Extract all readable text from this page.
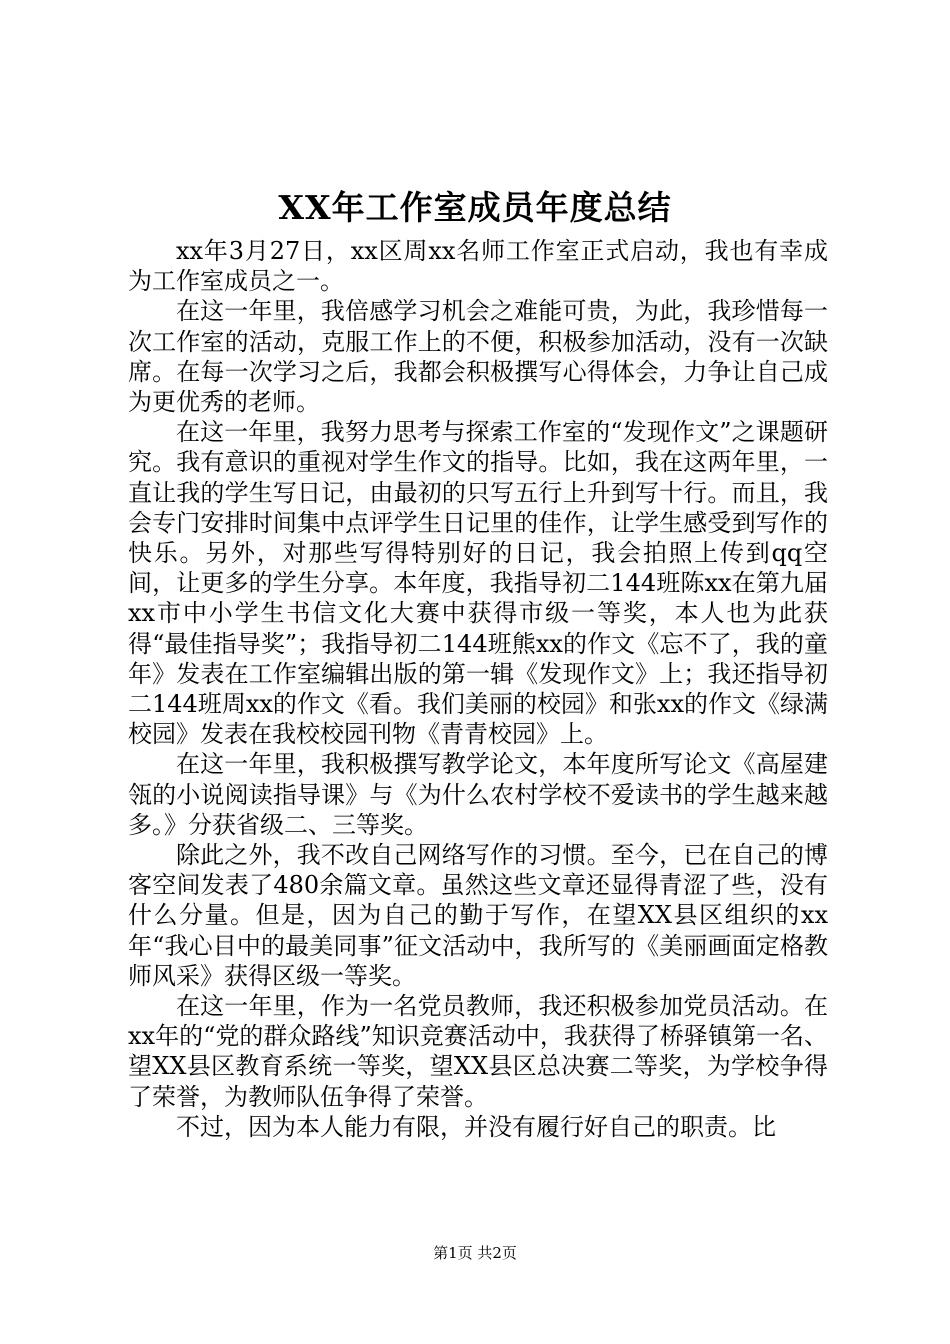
XX年工作室成员年度总结

xx年3月27日，xx区周xx名师工作室正式启动，我也有幸成为工作室成员之一。

在这一年里，我倍感学习机会之难能可贵，为此，我珍惜每一次工作室的活动，克服工作上的不便，积极参加活动，没有一次缺席。在每一次学习之后，我都会积极撰写心得体会，力争让自己成为更优秀的老师。

在这一年里，我努力思考与探索工作室的“发现作文”之课题研究。我有意识的重视对学生作文的指导。比如，我在这两年里，一直让我的学生写日记，由最初的只写五行上升到写十行。而且，我会专门安排时间集中点评学生日记里的佳作，让学生感受到写作的快乐。另外，对那些写得特别好的日记，我会拍照上传到qq空间，让更多的学生分享。本年度，我指导初二144班陈xx在第九届xx市中小学生书信文化大赛中获得市级一等奖，本人也为此获得“最佳指导奖”；我指导初二144班熊xx的作文《忘不了，我的童年》发表在工作室编辑出版的第一辑《发现作文》上；我还指导初二144班周xx的作文《看。我们美丽的校园》和张xx的作文《绿满校园》发表在我校校园刊物《青青校园》上。

在这一年里，我积极撰写教学论文，本年度所写论文《高屋建瓴的小说阅读指导课》与《为什么农村学校不爱读书的学生越来越多。》分获省级二、三等奖。

除此之外，我不改自己网络写作的习惯。至今，已在自己的博客空间发表了480余篇文章。虽然这些文章还显得青涩了些，没有什么分量。但是，因为自己的勤于写作，在望XX县区组织的xx年“我心目中的最美同事”征文活动中，我所写的《美丽画面定格教师风采》获得区级一等奖。

在这一年里，作为一名党员教师，我还积极参加党员活动。在xx年的“党的群众路线”知识竞赛活动中，我获得了桥驿镇第一名、望XX县区教育系统一等奖，望XX县区总决赛二等奖，为学校争得了荣誉，为教师队伍争得了荣誉。

不过，因为本人能力有限，并没有履行好自己的职责。比

第1页 共2页
